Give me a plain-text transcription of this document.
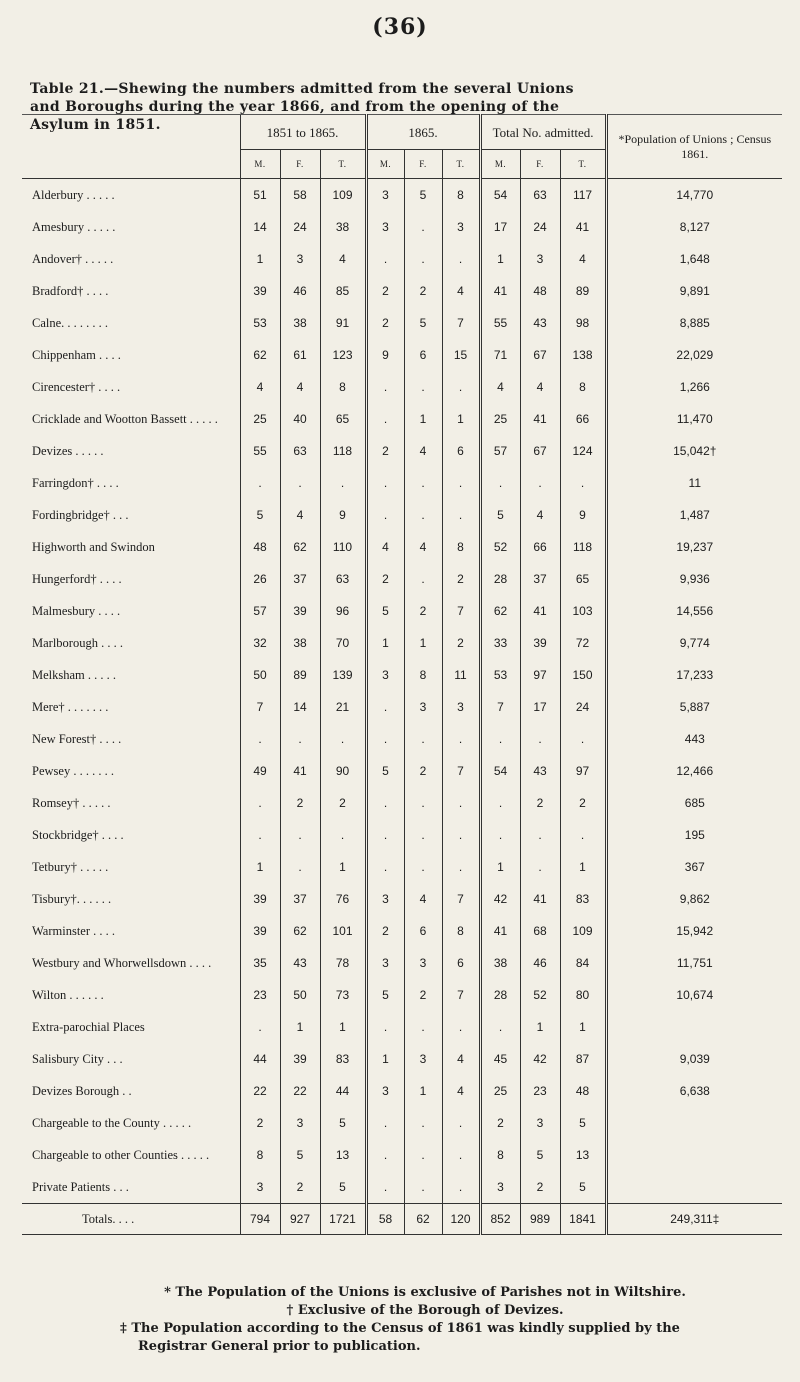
(36)
Table 21.—Shewing the numbers admitted from the several Unions
and Boroughs during the year 1866, and from the opening of the
Asylum in 1851.
		1851 to 1865.			1865.			Total No. admitted.			*Population of Unions ; Census 1861.
	M.	F.	T.	M.	F.	T.	M.	F.	T.	
Alderbury . . . . .	51	58	109	3	5	8	54	63	117	14,770
Amesbury . . . . .	14	24	38	3	.	3	17	24	41	8,127
Andover† . . . . .	1	3	4	.	.	.	1	3	4	1,648
Bradford† . . . .	39	46	85	2	2	4	41	48	89	9,891
Calne. . . . . . . .	53	38	91	2	5	7	55	43	98	8,885
Chippenham . . . .	62	61	123	9	6	15	71	67	138	22,029
Cirencester† . . . .	4	4	8	.	.	.	4	4	8	1,266
Cricklade and Wootton Bassett . . . . .	25	40	65	.	1	1	25	41	66	11,470
Devizes . . . . .	55	63	118	2	4	6	57	67	124	15,042†
Farringdon† . . . .	.	.	.	.	.	.	.	.	.	11
Fordingbridge† . . .	5	4	9	.	.	.	5	4	9	1,487
Highworth and Swindon	48	62	110	4	4	8	52	66	118	19,237
Hungerford† . . . .	26	37	63	2	.	2	28	37	65	9,936
Malmesbury . . . .	57	39	96	5	2	7	62	41	103	14,556
Marlborough . . . .	32	38	70	1	1	2	33	39	72	9,774
Melksham . . . . .	50	89	139	3	8	11	53	97	150	17,233
Mere† . . . . . . .	7	14	21	.	3	3	7	17	24	5,887
New Forest† . . . .	.	.	.	.	.	.	.	.	.	443
Pewsey . . . . . . .	49	41	90	5	2	7	54	43	97	12,466
Romsey† . . . . .	.	2	2	.	.	.	.	2	2	685
Stockbridge† . . . .	.	.	.	.	.	.	.	.	.	195
Tetbury† . . . . .	1	.	1	.	.	.	1	.	1	367
Tisbury†. . . . . .	39	37	76	3	4	7	42	41	83	9,862
Warminster . . . .	39	62	101	2	6	8	41	68	109	15,942
Westbury and Whorwellsdown . . . .	35	43	78	3	3	6	38	46	84	11,751
Wilton . . . . . .	23	50	73	5	2	7	28	52	80	10,674
Extra-parochial Places	.	1	1	.	.	.	.	1	1	
Salisbury City . . .	44	39	83	1	3	4	45	42	87	9,039
Devizes Borough . .	22	22	44	3	1	4	25	23	48	6,638
Chargeable to the County . . . . .	2	3	5	.	.	.	2	3	5	
Chargeable to other Counties . . . . .	8	5	13	.	.	.	8	5	13	
Private Patients . . .	3	2	5	.	.	.	3	2	5	
Totals. . . .	794	927	1721	58	62	120	852	989	1841	249,311‡
* The Population of the Unions is exclusive of Parishes not in Wiltshire.
† Exclusive of the Borough of Devizes.
‡ The Population according to the Census of 1861 was kindly supplied by the
Registrar General prior to publication.
